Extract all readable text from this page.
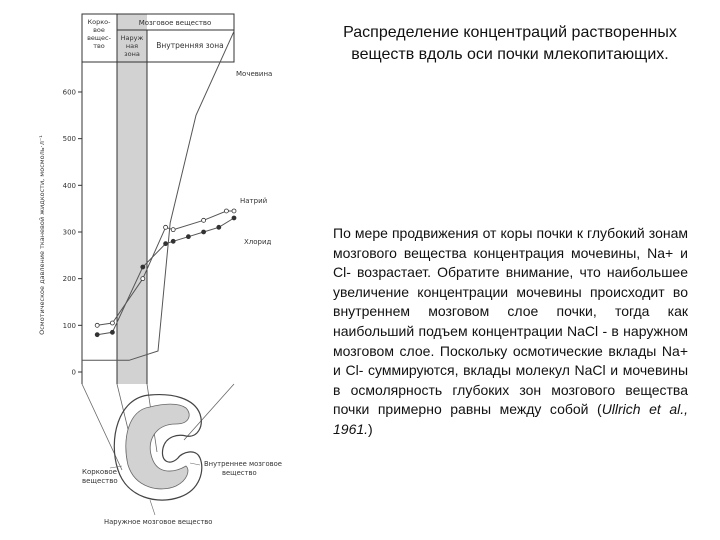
Распределение концентраций растворенных веществ вдоль оси почки млекопитающих.
По мере продвижения от коры почки к глубокий зонам мозгового вещества концентрация мочевины, Na+ и Cl- возрастает. Обратите внимание, что наибольшее увеличение концентрации мочевины происходит во внутреннем мозговом слое почки, тогда как наибольший подъем концентрации NaCl - в наружном мозговом слое. Поскольку осмотические вклады Na+ и Cl- суммируются, вклады молекул NaCl и мочевины в осмолярность глубоких зон мозгового вещества почки примерно равны между собой (Ullrich et al., 1961.)
Корко-вое вещес-тво
Мозговое вещество
Наруж ная зона
Внутренняя зона
0
100
200
300
400
500
600
Осмотическое давление тканевой жидкости, мосмоль·л⁻¹
Мочевина
Натрий
Хлорид
Корковое вещество
Внутреннее мозговое вещество
Наружное мозговое вещество
